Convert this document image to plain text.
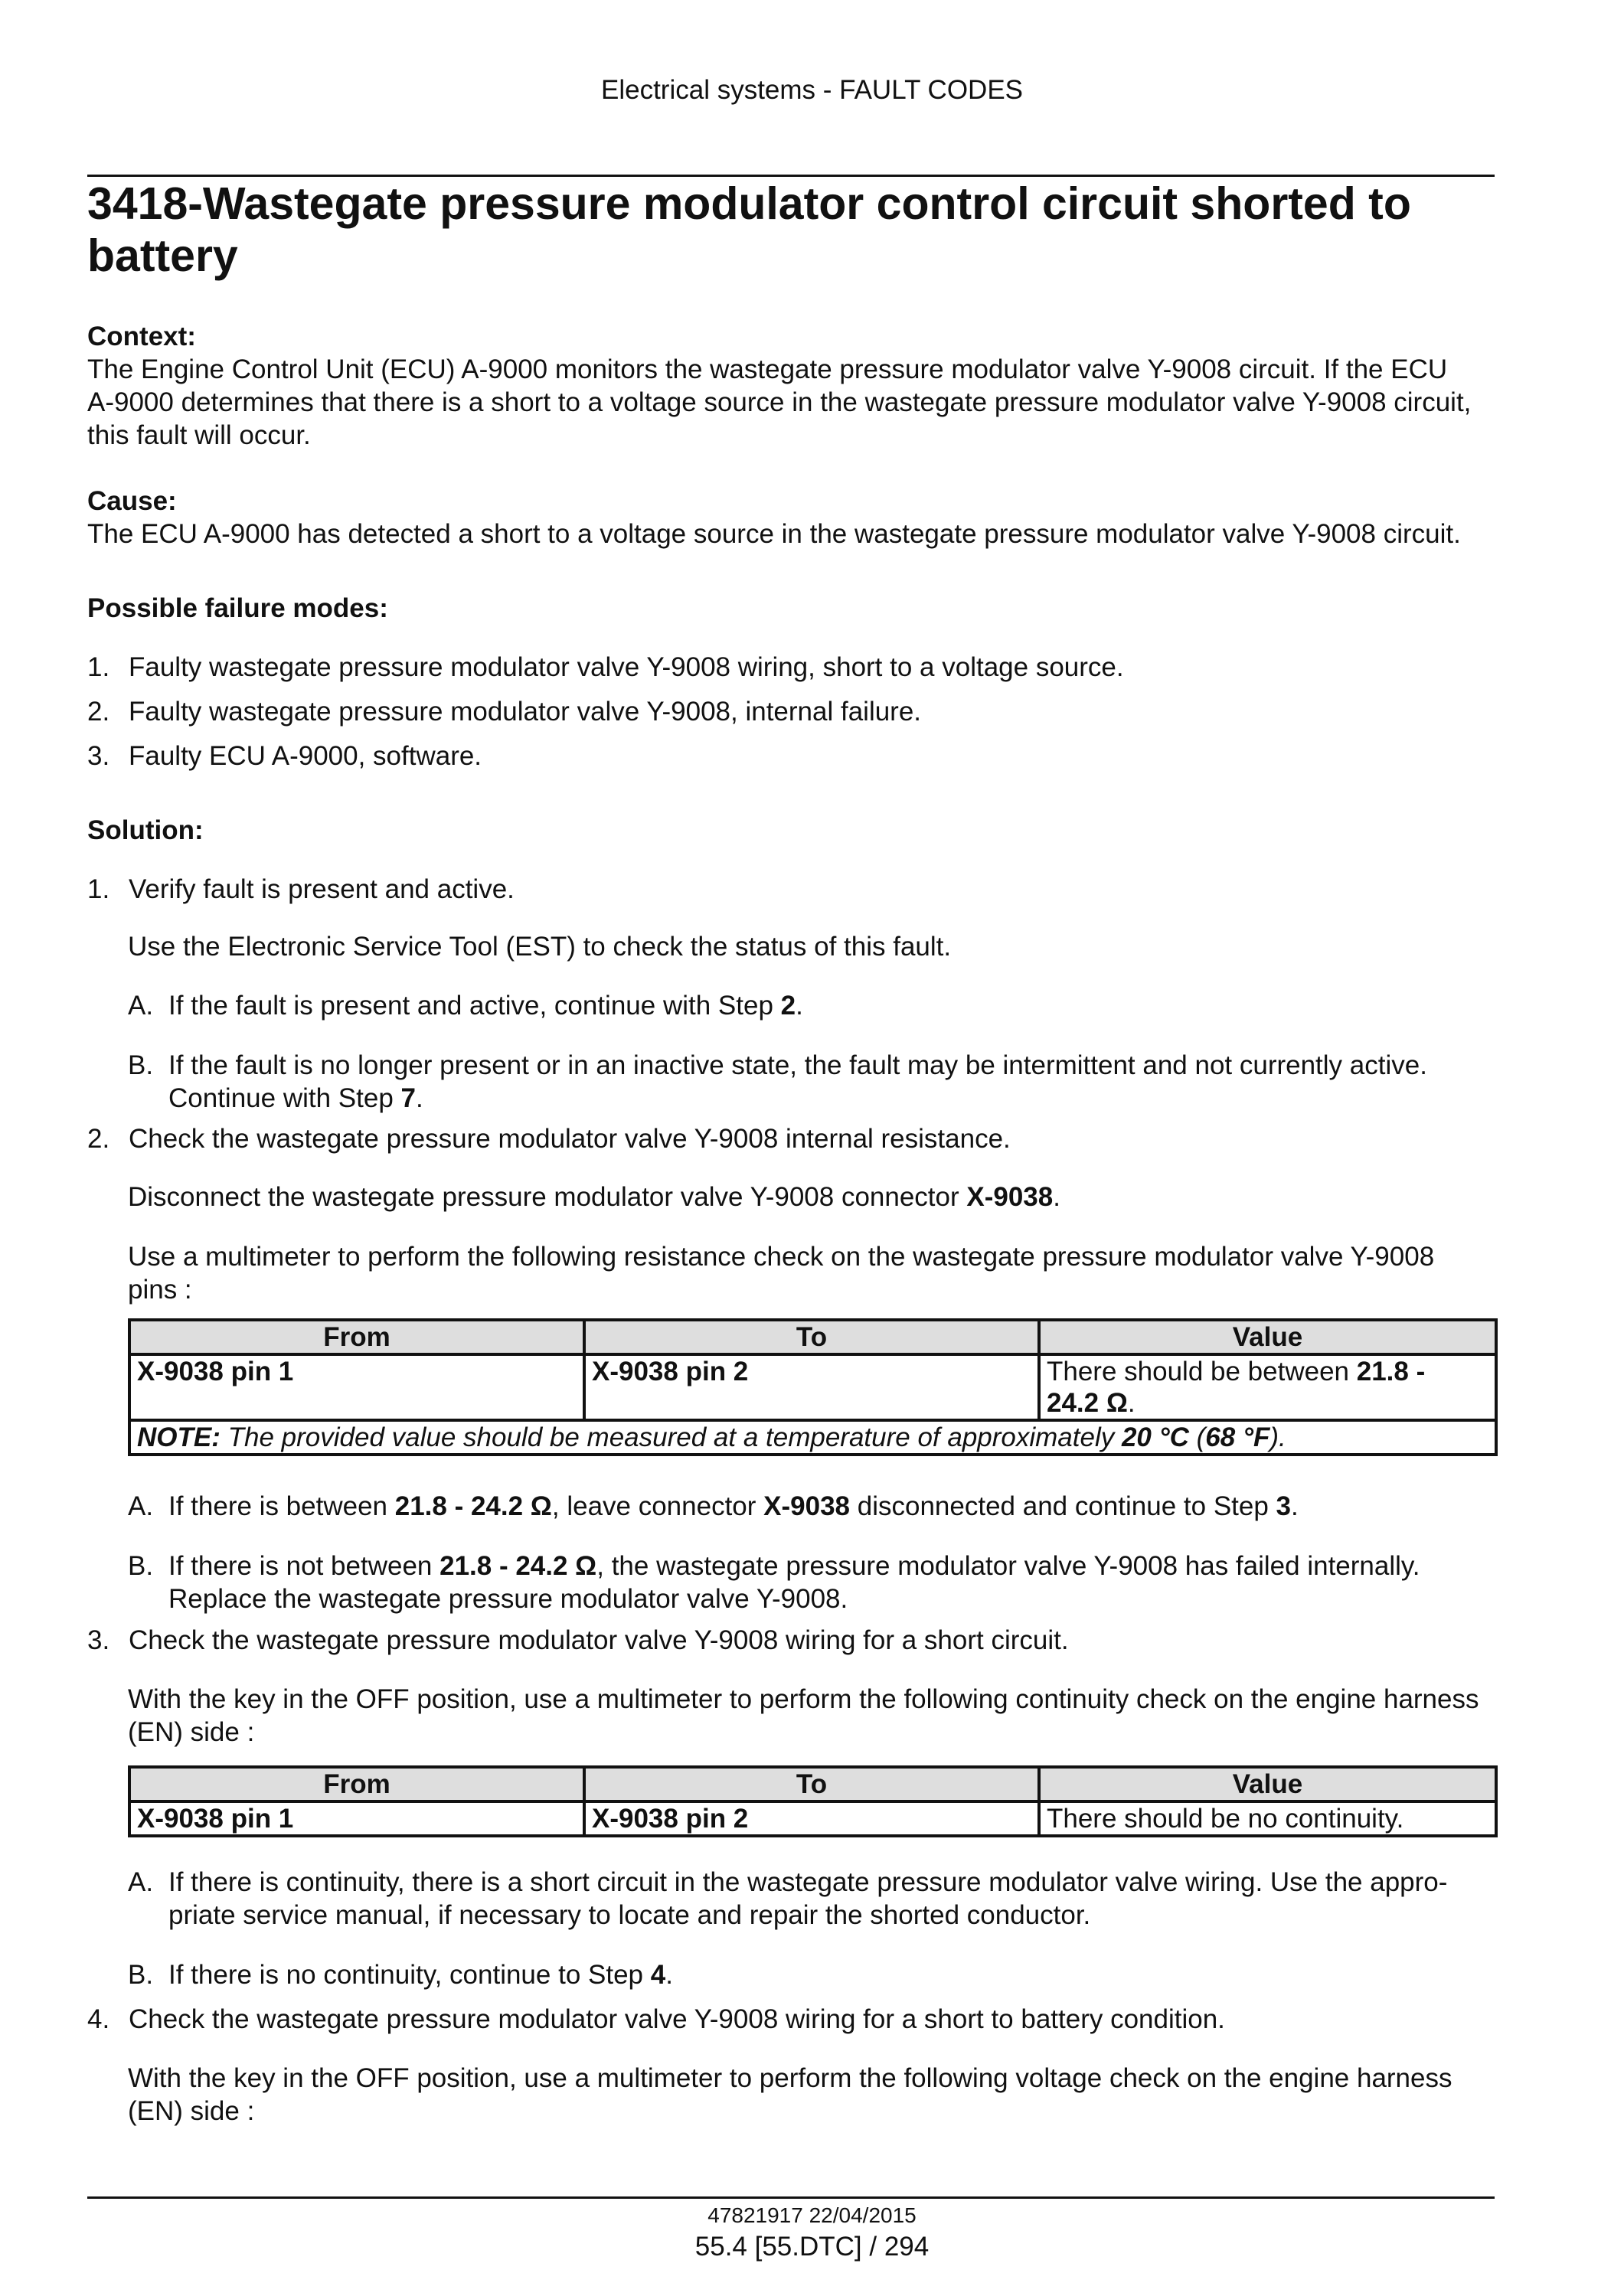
Electrical systems - FAULT CODES
3418-Wastegate pressure modulator control circuit shorted to battery
Context:
The Engine Control Unit (ECU) A-9000 monitors the wastegate pressure modulator valve Y-9008 circuit. If the ECU
A-9000 determines that there is a short to a voltage source in the wastegate pressure modulator valve Y-9008 circuit,
this fault will occur.
Cause:
The ECU A-9000 has detected a short to a voltage source in the wastegate pressure modulator valve Y-9008 circuit.
Possible failure modes:
1. Faulty wastegate pressure modulator valve Y-9008 wiring, short to a voltage source.
2. Faulty wastegate pressure modulator valve Y-9008, internal failure.
3. Faulty ECU A-9000, software.
Solution:
1. Verify fault is present and active.
Use the Electronic Service Tool (EST) to check the status of this fault.
A. If the fault is present and active, continue with Step 2.
B. If the fault is no longer present or in an inactive state, the fault may be intermittent and not currently active.
Continue with Step 7.
2. Check the wastegate pressure modulator valve Y-9008 internal resistance.
Disconnect the wastegate pressure modulator valve Y-9008 connector X-9038.
Use a multimeter to perform the following resistance check on the wastegate pressure modulator valve Y-9008
pins :
From	To	Value
X-9038 pin 1	X-9038 pin 2	There should be between 21.8 -
24.2 Ω.
NOTE: The provided value should be measured at a temperature of approximately 20 °C (68 °F).		
A. If there is between 21.8 - 24.2 Ω, leave connector X-9038 disconnected and continue to Step 3.
B. If there is not between 21.8 - 24.2 Ω, the wastegate pressure modulator valve Y-9008 has failed internally.
Replace the wastegate pressure modulator valve Y-9008.
3. Check the wastegate pressure modulator valve Y-9008 wiring for a short circuit.
With the key in the OFF position, use a multimeter to perform the following continuity check on the engine harness
(EN) side :
From	To	Value
X-9038 pin 1	X-9038 pin 2	There should be no continuity.
A. If there is continuity, there is a short circuit in the wastegate pressure modulator valve wiring. Use the appro-
priate service manual, if necessary to locate and repair the shorted conductor.
B. If there is no continuity, continue to Step 4.
4. Check the wastegate pressure modulator valve Y-9008 wiring for a short to battery condition.
With the key in the OFF position, use a multimeter to perform the following voltage check on the engine harness
(EN) side :
47821917 22/04/2015
55.4 [55.DTC] / 294
